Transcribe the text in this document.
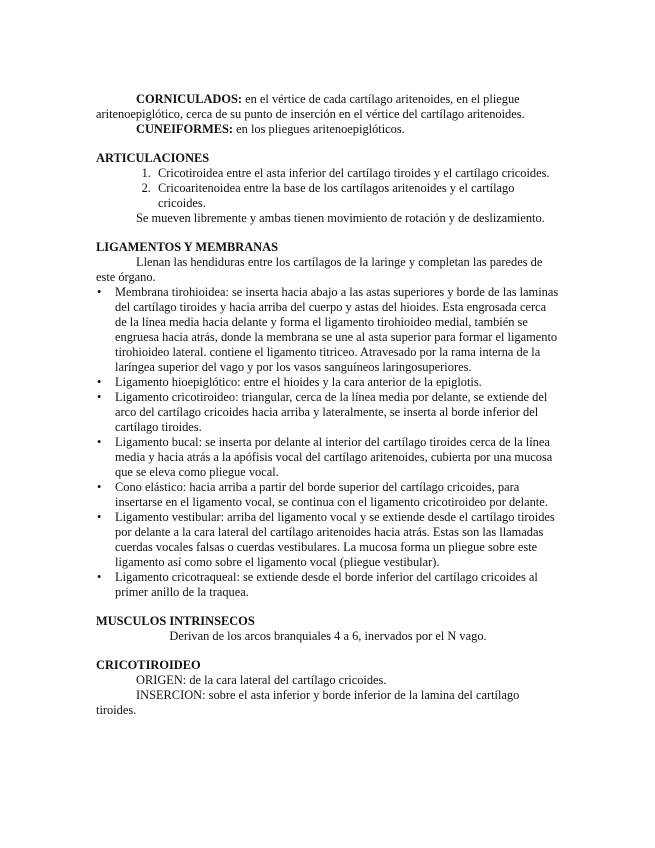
CORNICULADOS: en el vértice de cada cartílago aritenoides, en el pliegue aritenoepiglótico, cerca de su punto de inserción en el vértice del cartílago aritenoides.

CUNEIFORMES: en los pliegues aritenoepiglóticos.

ARTICULACIONES

1. Cricotiroidea entre el asta inferior del cartílago tiroides y el cartílago cricoides.
2. Cricoaritenoidea entre la base de los cartílagos aritenoides y el cartílago cricoides.

Se mueven libremente y ambas tienen movimiento de rotación y de deslizamiento.

LIGAMENTOS Y MEMBRANAS

Llenan las hendiduras entre los cartílagos de la laringe y completan las paredes de este órgano.

• Membrana tirohioidea: se inserta hacia abajo a las astas superiores y borde de las laminas del cartílago tiroides y hacia arriba del cuerpo y astas del hioides. Esta engrosada cerca de la línea media hacia delante y forma el ligamento tirohioideo medial, también se engruesa hacia atrás, donde la membrana se une al asta superior para formar el ligamento tirohioideo lateral. contiene el ligamento titriceo. Atravesado por la rama interna de la laríngea superior del vago y por los vasos sanguíneos laringosuperiores.
• Ligamento hioepiglótico: entre el hioides y la cara anterior de la epiglotis.
• Ligamento cricotiroideo: triangular, cerca de la línea media por delante, se extiende del arco del cartílago cricoides hacia arriba y lateralmente, se inserta al borde inferior del cartílago tiroides.
• Ligamento bucal: se inserta por delante al interior del cartílago tiroides cerca de la línea media y hacia atrás a la apófisis vocal del cartílago aritenoides, cubierta por una mucosa que se eleva como pliegue vocal.
• Cono elástico: hacia arriba a partir del borde superior del cartílago cricoides, para insertarse en el ligamento vocal, se continua con el ligamento cricotiroideo por delante.
• Ligamento vestibular: arriba del ligamento vocal y se extiende desde el cartílago tiroides por delante a la cara lateral del cartílago aritenoides hacia atrás. Estas son las llamadas cuerdas vocales falsas o cuerdas vestibulares. La mucosa forma un pliegue sobre este ligamento así como sobre el ligamento vocal (pliegue vestibular).
• Ligamento cricotraqueal: se extiende desde el borde inferior del cartílago cricoides al primer anillo de la traquea.

MUSCULOS INTRINSECOS

Derivan de los arcos branquiales 4 a 6, inervados por el N vago.

CRICOTIROIDEO

ORIGEN: de la cara lateral del cartílago cricoides.

INSERCION: sobre el asta inferior y borde inferior de la lamina del cartílago tiroides.
